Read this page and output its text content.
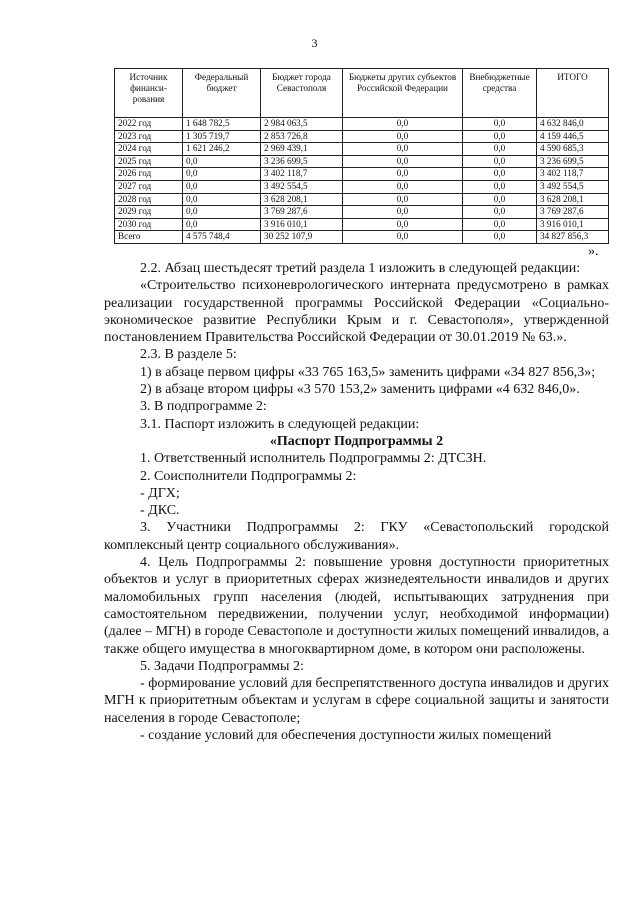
3
Источник финанси-рования	Федеральный бюджет	Бюджет города Севастополя	Бюджеты других субъектов Российской Федерации	Внебюджетные средства	ИТОГО
2022 год	1 648 782,5	2 984 063,5	0,0	0,0	4 632 846,0
2023 год	1 305 719,7	2 853 726,8	0,0	0,0	4 159 446,5
2024 год	1 621 246,2	2 969 439,1	0,0	0,0	4 590 685,3
2025 год	0,0	3 236 699,5	0,0	0,0	3 236 699,5
2026 год	0,0	3 402 118,7	0,0	0,0	3 402 118,7
2027 год	0,0	3 492 554,5	0,0	0,0	3 492 554,5
2028 год	0,0	3 628 208,1	0,0	0,0	3 628 208,1
2029 год	0,0	3 769 287,6	0,0	0,0	3 769 287,6
2030 год	0,0	3 916 010,1	0,0	0,0	3 916 010,1
Всего	4 575 748,4	30 252 107,9	0,0	0,0	34 827 856,3
».

2.2. Абзац шестьдесят третий раздела 1 изложить в следующей редакции:

«Строительство психоневрологического интерната предусмотрено в рамках реализации государственной программы Российской Федерации «Социально-экономическое развитие Республики Крым и г. Севастополя», утвержденной постановлением Правительства Российской Федерации от 30.01.2019 № 63.».

2.3. В разделе 5:

1) в абзаце первом цифры «33 765 163,5» заменить цифрами «34 827 856,3»;

2) в абзаце втором цифры «3 570 153,2» заменить цифрами «4 632 846,0».

3. В подпрограмме 2:

3.1. Паспорт изложить в следующей редакции:

«Паспорт Подпрограммы 2

1. Ответственный исполнитель Подпрограммы 2: ДТСЗН.

2. Соисполнители Подпрограммы 2:

- ДГХ;

- ДКС.

3. Участники Подпрограммы 2: ГКУ «Севастопольский городской комплексный центр социального обслуживания».

4. Цель Подпрограммы 2: повышение уровня доступности приоритетных объектов и услуг в приоритетных сферах жизнедеятельности инвалидов и других маломобильных групп населения (людей, испытывающих затруднения при самостоятельном передвижении, получении услуг, необходимой информации) (далее – МГН) в городе Севастополе и доступности жилых помещений инвалидов, а также общего имущества в многоквартирном доме, в котором они расположены.

5. Задачи Подпрограммы 2:

- формирование условий для беспрепятственного доступа инвалидов и других МГН к приоритетным объектам и услугам в сфере социальной защиты и занятости населения в городе Севастополе;

- создание условий для обеспечения доступности жилых помещений
